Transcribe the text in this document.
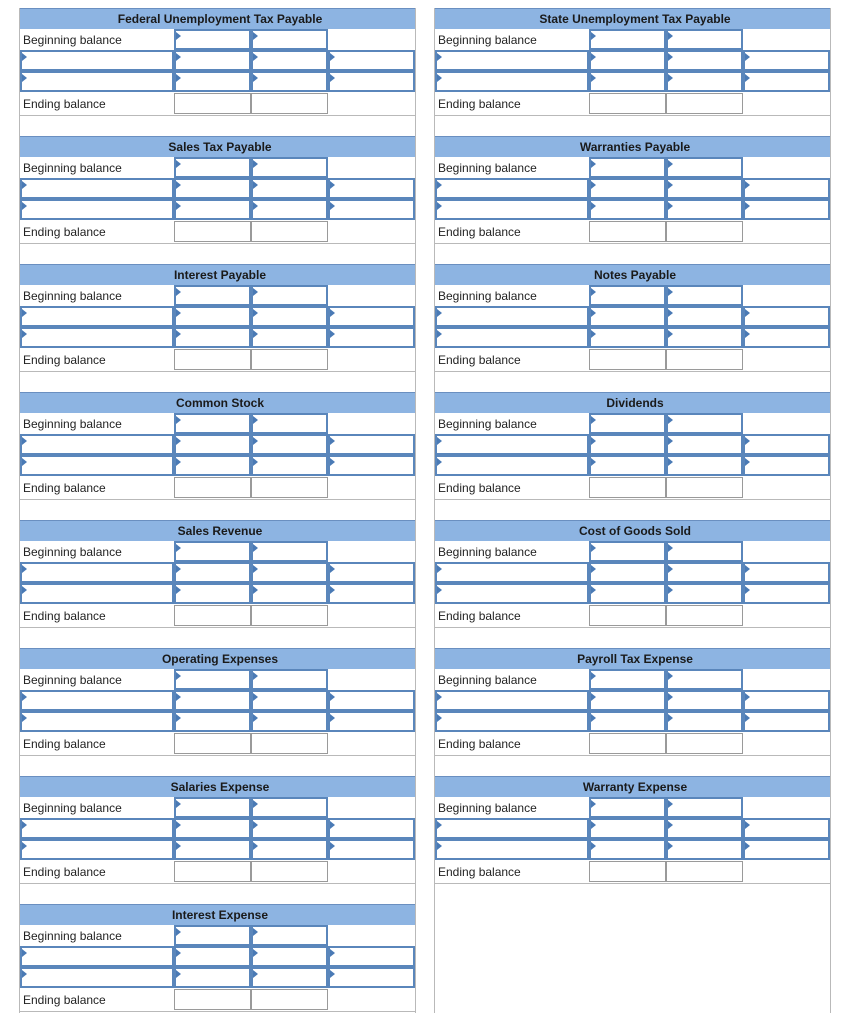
Federal Unemployment Tax Payable
Beginning balance
Ending balance
Sales Tax Payable
Beginning balance
Ending balance
Interest Payable
Beginning balance
Ending balance
Common Stock
Beginning balance
Ending balance
Sales Revenue
Beginning balance
Ending balance
Operating Expenses
Beginning balance
Ending balance
Salaries Expense
Beginning balance
Ending balance
Interest Expense
Beginning balance
Ending balance
State Unemployment Tax Payable
Beginning balance
Ending balance
Warranties Payable
Beginning balance
Ending balance
Notes Payable
Beginning balance
Ending balance
Dividends
Beginning balance
Ending balance
Cost of Goods Sold
Beginning balance
Ending balance
Payroll Tax Expense
Beginning balance
Ending balance
Warranty Expense
Beginning balance
Ending balance
